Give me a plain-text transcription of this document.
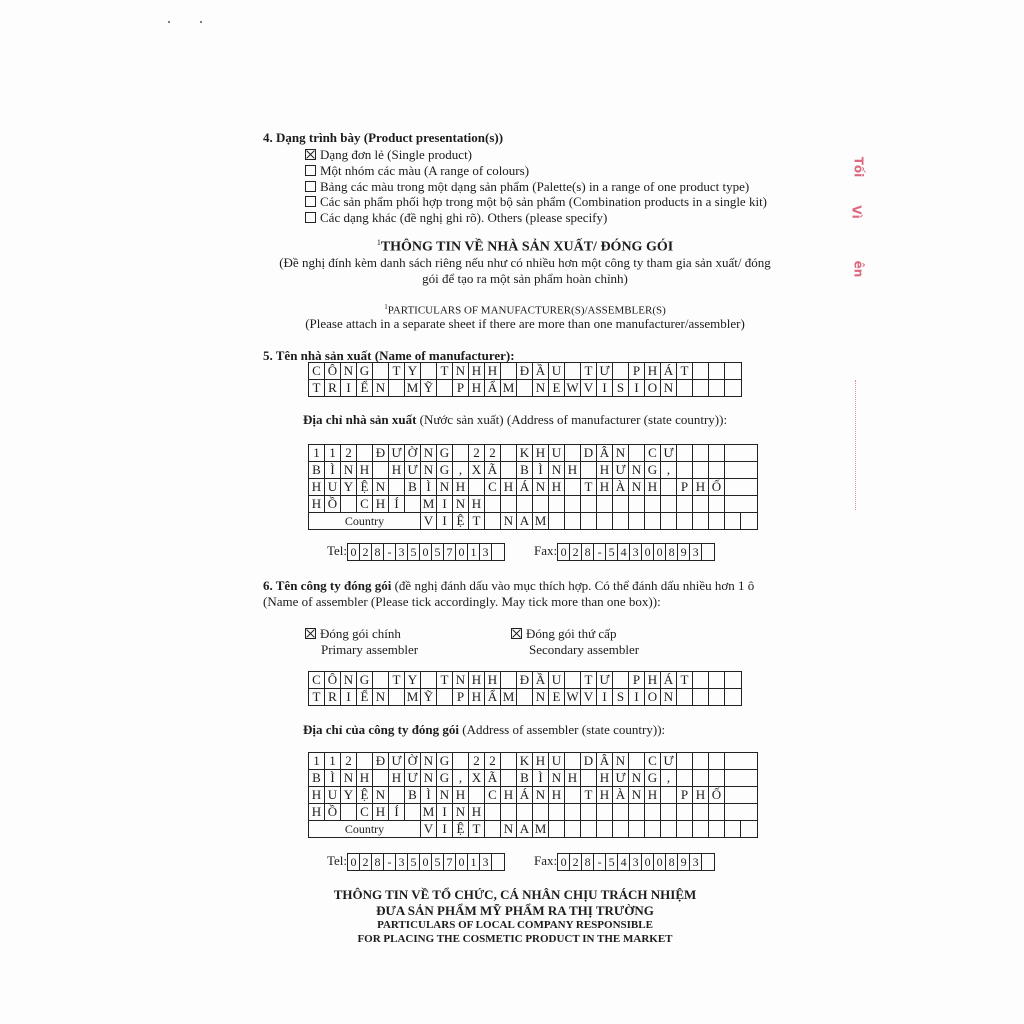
4. Dạng trình bày (Product presentation(s))
Dạng đơn lẻ (Single product)
Một nhóm các màu (A range of colours)
Bảng các màu trong một dạng sản phẩm (Palette(s) in a range of one product type)
Các sản phẩm phối hợp trong một bộ sản phẩm (Combination products in a single kit)
Các dạng khác (đề nghị ghi rõ). Others (please specify)
$^1$THÔNG TIN VỀ NHÀ SẢN XUẤT/ ĐÓNG GÓI
(Đề nghị đính kèm danh sách riêng nếu như có nhiều hơn một công ty tham gia sản xuất/ đóng
gói để tạo ra một sản phẩm hoàn chỉnh)
$^1$PARTICULARS OF MANUFACTURER(S)/ASSEMBLER(S)
(Please attach in a separate sheet if there are more than one manufacturer/assembler)
5. Tên nhà sản xuất (Name of manufacturer):
C Ô N G T Y T N H H Đ Ầ U T Ư P H Á T
T R I Ể N M Ỹ P H Ẩ M N E W V I S I O N
Địa chỉ nhà sản xuất (Nước sản xuất) (Address of manufacturer (state country)):
1 1 2	Đ Ư Ờ N G	2 2	K H U D Â N C Ư
B Ì N H H Ư N G , X Ã B Ì N H H Ư N G ,
H U Y Ệ N B Ì N H C H Á N H T H À N H P H Ố
H Ồ C H Í	M I N H
Country	V I Ệ T	N A M
Tel: 0 2 8 - 3 5 0 5 7 0 1 3	Fax: 0 2 8 - 5 4 3 0 0 8 9 3
6. Tên công ty đóng gói (đề nghị đánh dấu vào mục thích hợp. Có thể đánh dấu nhiều hơn 1 ô
(Name of assembler (Please tick accordingly. May tick more than one box)):
Đóng gói chính
Primary assembler
Đóng gói thứ cấp
Secondary assembler
C Ô N G T Y T N H H Đ Ầ U T Ư P H Á T
T R I Ể N M Ỹ P H Ẩ M N E W V I S I O N
Địa chỉ của công ty đóng gói (Address of assembler (state country)):
1 1 2	Đ Ư Ờ N G	2 2	K H U D Â N C Ư
B Ì N H H Ư N G , X Ã B Ì N H H Ư N G ,
H U Y Ệ N B Ì N H C H Á N H T H À N H P H Ố
H Ồ C H Í	M I N H
Country	V I Ệ T	N A M
Tel: 0 2 8 - 3 5 0 5 7 0 1 3	Fax: 0 2 8 - 5 4 3 0 0 8 9 3
THÔNG TIN VỀ TỔ CHỨC, CÁ NHÂN CHỊU TRÁCH NHIỆM
ĐƯA SẢN PHẨM MỸ PHẨM RA THỊ TRƯỜNG
PARTICULARS OF LOCAL COMPANY RESPONSIBLE
FOR PLACING THE COSMETIC PRODUCT IN THE MARKET
Tối
Vì
ên
